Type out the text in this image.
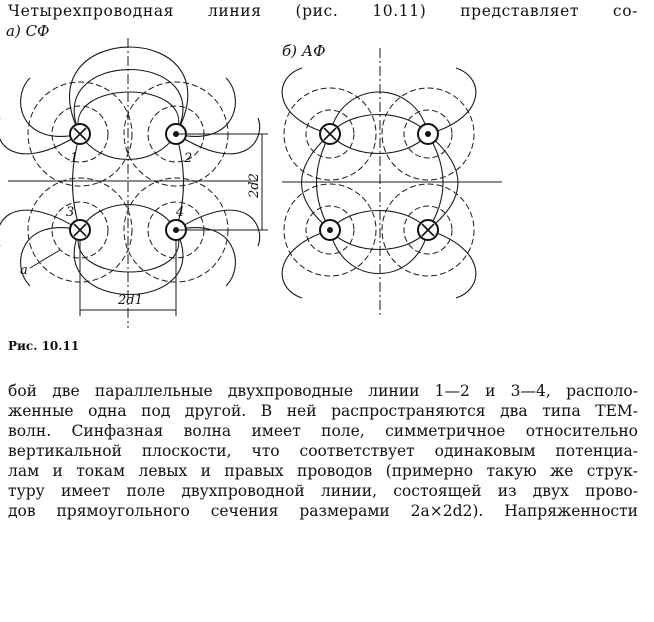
Четырехпроводная линия (рис. 10.11) представляет со-
a) СФ
б) АФ
1	2
3	4
2d2
2d1
a
Рис. 10.11
бой две параллельные двухпроводные линии 1—2 и 3—4, располо-
женные одна под другой. В ней распространяются два типа ТЕМ-
волн. Синфазная волна имеет поле, симметричное относительно
вертикальной плоскости, что соответствует одинаковым потенциа-
лам и токам левых и правых проводов (примерно такую же струк-
туру имеет поле двухпроводной линии, состоящей из двух прово-
дов прямоугольного сечения размерами 2a×2d2). Напряженности
